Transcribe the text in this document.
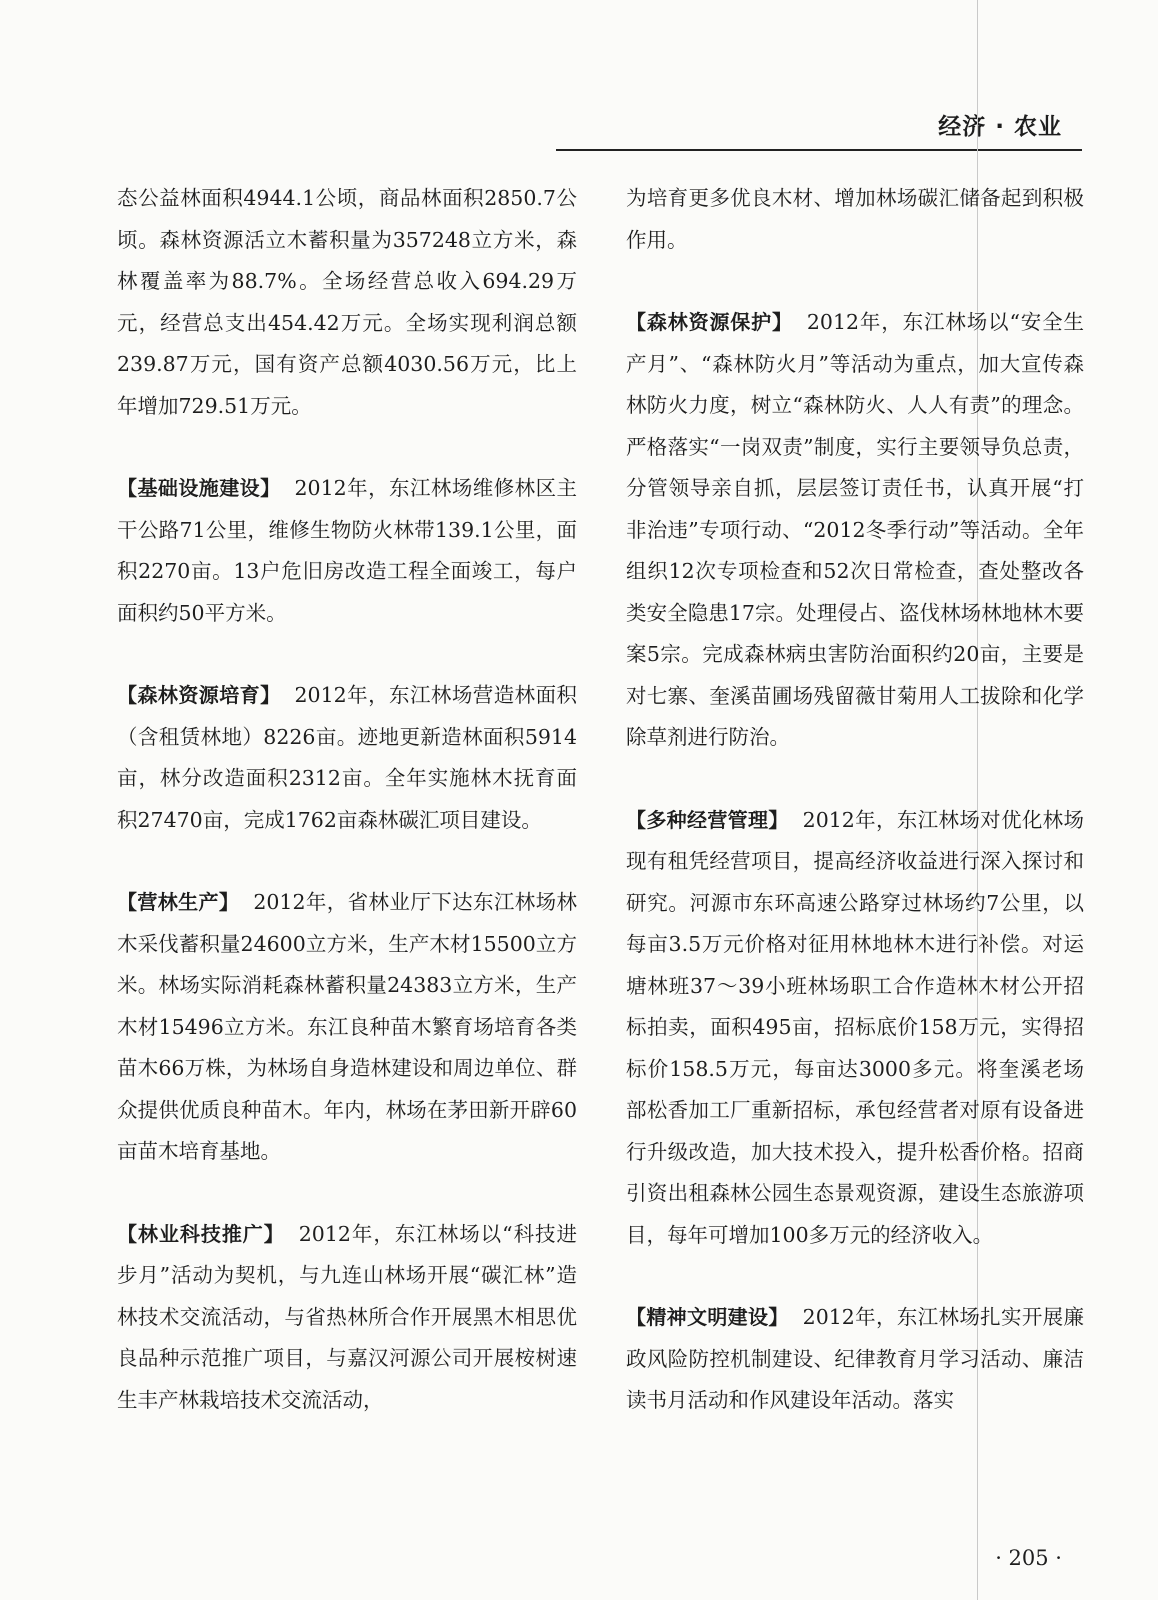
经济 · 农业

态公益林面积4944.1公顷，商品林面积2850.7公顷。森林资源活立木蓄积量为357248立方米，森林覆盖率为88.7%。全场经营总收入694.29万元，经营总支出454.42万元。全场实现利润总额239.87万元，国有资产总额4030.56万元，比上年增加729.51万元。

【基础设施建设】 2012年，东江林场维修林区主干公路71公里，维修生物防火林带139.1公里，面积2270亩。13户危旧房改造工程全面竣工，每户面积约50平方米。

【森林资源培育】 2012年，东江林场营造林面积（含租赁林地）8226亩。迹地更新造林面积5914亩，林分改造面积2312亩。全年实施林木抚育面积27470亩，完成1762亩森林碳汇项目建设。

【营林生产】 2012年，省林业厅下达东江林场林木采伐蓄积量24600立方米，生产木材15500立方米。林场实际消耗森林蓄积量24383立方米，生产木材15496立方米。东江良种苗木繁育场培育各类苗木66万株，为林场自身造林建设和周边单位、群众提供优质良种苗木。年内，林场在茅田新开辟60亩苗木培育基地。

【林业科技推广】 2012年，东江林场以“科技进步月”活动为契机，与九连山林场开展“碳汇林”造林技术交流活动，与省热林所合作开展黑木相思优良品种示范推广项目，与嘉汉河源公司开展桉树速生丰产林栽培技术交流活动，

为培育更多优良木材、增加林场碳汇储备起到积极作用。

【森林资源保护】 2012年，东江林场以“安全生产月”、“森林防火月”等活动为重点，加大宣传森林防火力度，树立“森林防火、人人有责”的理念。严格落实“一岗双责”制度，实行主要领导负总责，分管领导亲自抓，层层签订责任书，认真开展“打非治违”专项行动、“2012冬季行动”等活动。全年组织12次专项检查和52次日常检查，查处整改各类安全隐患17宗。处理侵占、盗伐林场林地林木要案5宗。完成森林病虫害防治面积约20亩，主要是对七寨、奎溪苗圃场残留薇甘菊用人工拔除和化学除草剂进行防治。

【多种经营管理】 2012年，东江林场对优化林场现有租凭经营项目，提高经济收益进行深入探讨和研究。河源市东环高速公路穿过林场约7公里，以每亩3.5万元价格对征用林地林木进行补偿。对运塘林班37～39小班林场职工合作造林木材公开招标拍卖，面积495亩，招标底价158万元，实得招标价158.5万元，每亩达3000多元。将奎溪老场部松香加工厂重新招标，承包经营者对原有设备进行升级改造，加大技术投入，提升松香价格。招商引资出租森林公园生态景观资源，建设生态旅游项目，每年可增加100多万元的经济收入。

【精神文明建设】 2012年，东江林场扎实开展廉政风险防控机制建设、纪律教育月学习活动、廉洁读书月活动和作风建设年活动。落实

· 205 ·
